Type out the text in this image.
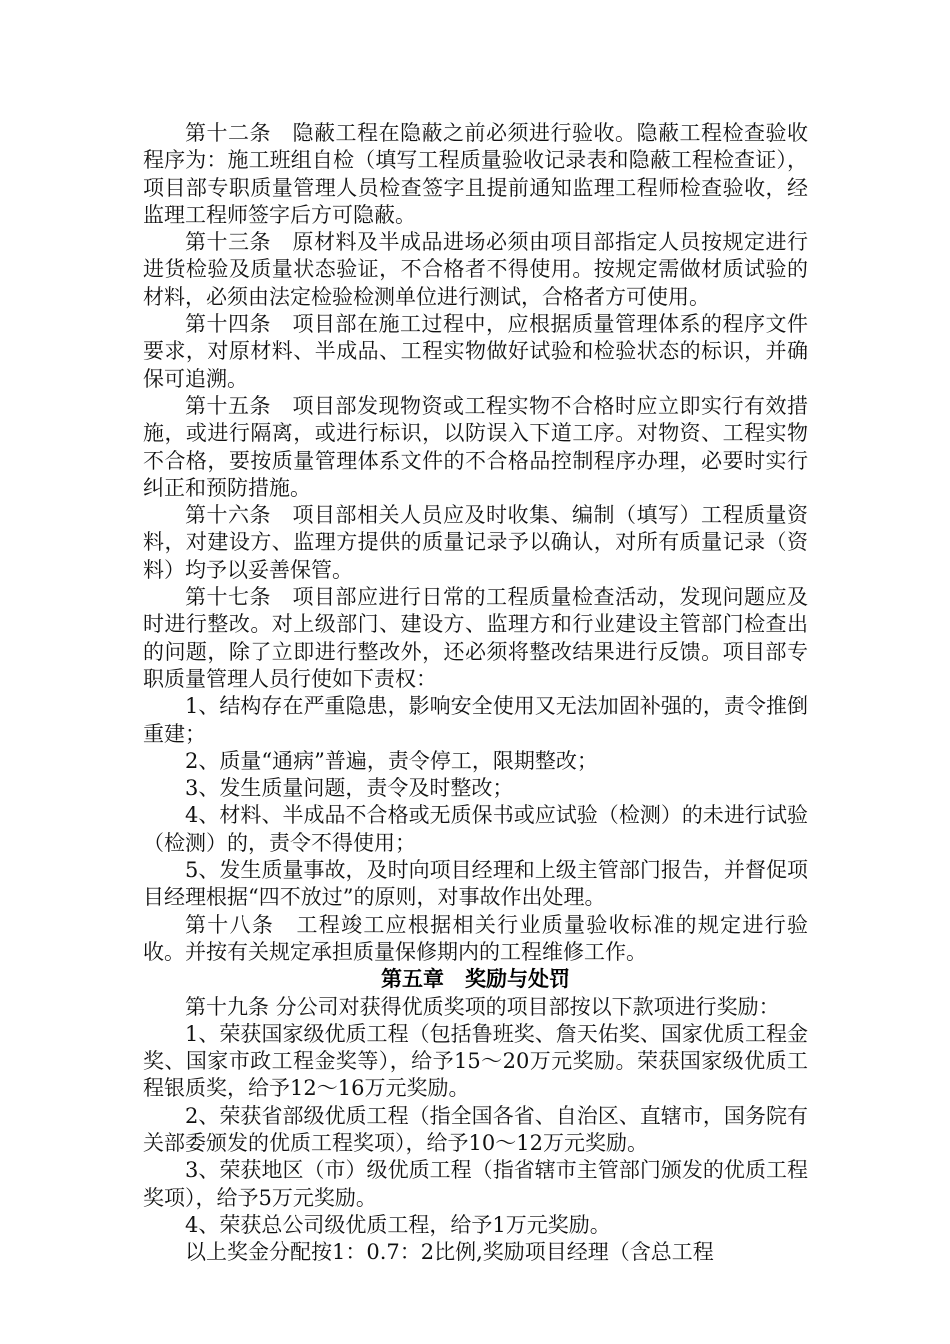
第十二条　隐蔽工程在隐蔽之前必须进行验收。隐蔽工程检查验收程序为：施工班组自检（填写工程质量验收记录表和隐蔽工程检查证），项目部专职质量管理人员检查签字且提前通知监理工程师检查验收，经监理工程师签字后方可隐蔽。

第十三条　原材料及半成品进场必须由项目部指定人员按规定进行进货检验及质量状态验证，不合格者不得使用。按规定需做材质试验的材料，必须由法定检验检测单位进行测试，合格者方可使用。

第十四条　项目部在施工过程中，应根据质量管理体系的程序文件要求，对原材料、半成品、工程实物做好试验和检验状态的标识，并确保可追溯。

第十五条　项目部发现物资或工程实物不合格时应立即实行有效措施，或进行隔离，或进行标识，以防误入下道工序。对物资、工程实物不合格，要按质量管理体系文件的不合格品控制程序办理，必要时实行纠正和预防措施。

第十六条　项目部相关人员应及时收集、编制（填写）工程质量资料，对建设方、监理方提供的质量记录予以确认，对所有质量记录（资料）均予以妥善保管。

第十七条　项目部应进行日常的工程质量检查活动，发现问题应及时进行整改。对上级部门、建设方、监理方和行业建设主管部门检查出的问题，除了立即进行整改外，还必须将整改结果进行反馈。项目部专职质量管理人员行使如下责权：

1、结构存在严重隐患，影响安全使用又无法加固补强的，责令推倒重建；

2、质量“通病”普遍，责令停工，限期整改；

3、发生质量问题，责令及时整改；

4、材料、半成品不合格或无质保书或应试验（检测）的未进行试验（检测）的，责令不得使用；

5、发生质量事故，及时向项目经理和上级主管部门报告，并督促项目经理根据“四不放过”的原则，对事故作出处理。

第十八条　工程竣工应根据相关行业质量验收标准的规定进行验收。并按有关规定承担质量保修期内的工程维修工作。

第五章　奖励与处罚

第十九条 分公司对获得优质奖项的项目部按以下款项进行奖励：

1、荣获国家级优质工程（包括鲁班奖、詹天佑奖、国家优质工程金奖、国家市政工程金奖等），给予15～20万元奖励。荣获国家级优质工程银质奖，给予12～16万元奖励。

2、荣获省部级优质工程（指全国各省、自治区、直辖市，国务院有关部委颁发的优质工程奖项），给予10～12万元奖励。

3、荣获地区（市）级优质工程（指省辖市主管部门颁发的优质工程奖项），给予5万元奖励。

4、荣获总公司级优质工程，给予1万元奖励。

以上奖金分配按1：0.7：2比例,奖励项目经理（含总工程
